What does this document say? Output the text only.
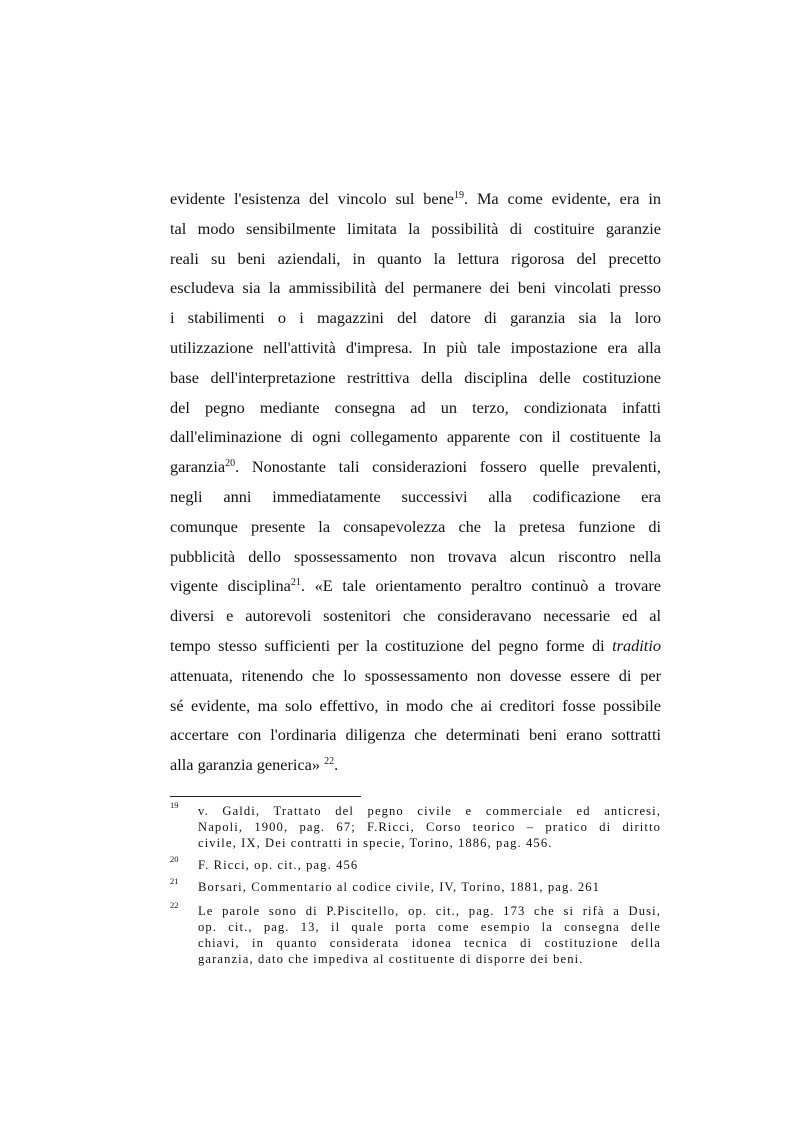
evidente l'esistenza del vincolo sul bene$^{19}$. Ma come evidente, era in
tal modo sensibilmente limitata la possibilità di costituire garanzie
reali su beni aziendali, in quanto la lettura rigorosa del precetto
escludeva sia la ammissibilità del permanere dei beni vincolati presso
i stabilimenti o i magazzini del datore di garanzia sia la loro
utilizzazione nell'attività d'impresa. In più tale impostazione era alla
base dell'interpretazione restrittiva della disciplina delle costituzione
del pegno mediante consegna ad un terzo, condizionata infatti
dall'eliminazione di ogni collegamento apparente con il costituente la
garanzia$^{20}$. Nonostante tali considerazioni fossero quelle prevalenti,
negli anni immediatamente successivi alla codificazione era
comunque presente la consapevolezza che la pretesa funzione di
pubblicità dello spossessamento non trovava alcun riscontro nella
vigente disciplina$^{21}$. «E tale orientamento peraltro continuò a trovare
diversi e autorevoli sostenitori che consideravano necessarie ed al
tempo stesso sufficienti per la costituzione del pegno forme di traditio
attenuata, ritenendo che lo spossessamento non dovesse essere di per
sé evidente, ma solo effettivo, in modo che ai creditori fosse possibile
accertare con l'ordinaria diligenza che determinati beni erano sottratti
alla garanzia generica» $^{22}$.
19 v. Galdi, Trattato del pegno civile e commerciale ed anticresi,
Napoli, 1900, pag. 67; F.Ricci, Corso teorico – pratico di diritto
civile, IX, Dei contratti in specie, Torino, 1886, pag. 456.
20 F. Ricci, op. cit., pag. 456
21 Borsari, Commentario al codice civile, IV, Torino, 1881, pag. 261
22 Le parole sono di P.Piscitello, op. cit., pag. 173 che si rifà a Dusi,
op. cit., pag. 13, il quale porta come esempio la consegna delle
chiavi, in quanto considerata idonea tecnica di costituzione della
garanzia, dato che impediva al costituente di disporre dei beni.
